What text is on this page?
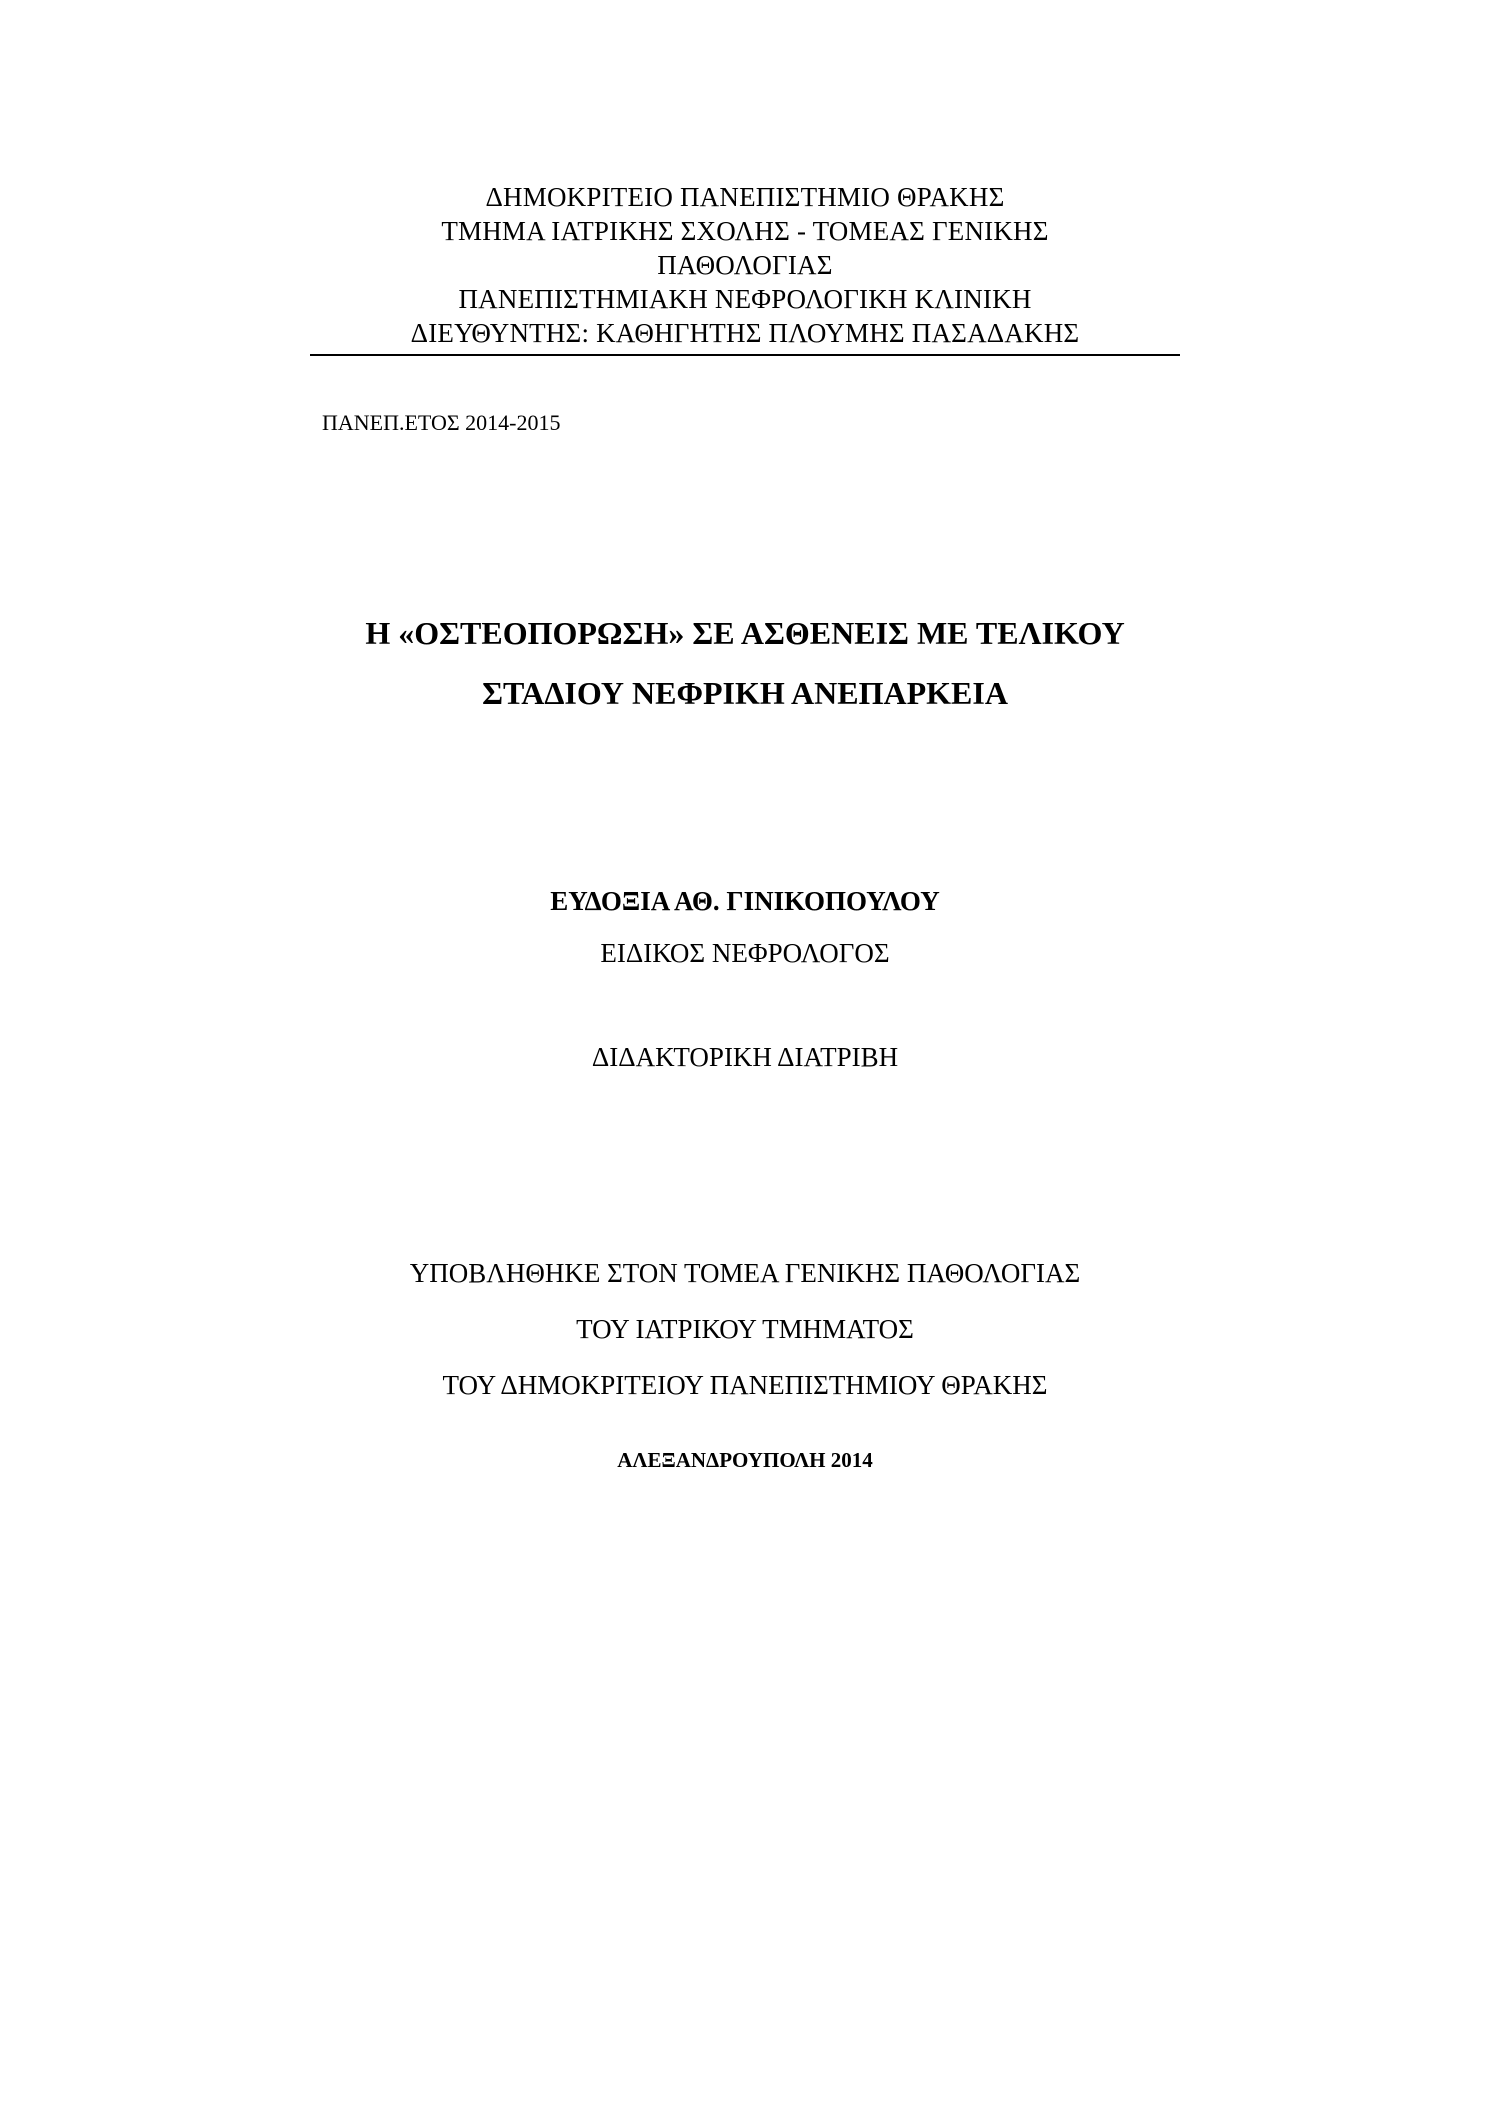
ΔΗΜΟΚΡΙΤΕΙΟ ΠΑΝΕΠΙΣΤΗΜΙΟ ΘΡΑΚΗΣ
ΤΜΗΜΑ ΙΑΤΡΙΚΗΣ ΣΧΟΛΗΣ - ΤΟΜΕΑΣ ΓΕΝΙΚΗΣ
ΠΑΘΟΛΟΓΙΑΣ
ΠΑΝΕΠΙΣΤΗΜΙΑΚΗ ΝΕΦΡΟΛΟΓΙΚΗ ΚΛΙΝΙΚΗ
ΔΙΕΥΘΥΝΤΗΣ: ΚΑΘΗΓΗΤΗΣ ΠΛΟΥΜΗΣ ΠΑΣΑΔΑΚΗΣ
ΠΑΝΕΠ.ΕΤΟΣ 2014-2015
Η «ΟΣΤΕΟΠΟΡΩΣΗ» ΣΕ ΑΣΘΕΝΕΙΣ ΜΕ ΤΕΛΙΚΟΥ
ΣΤΑΔΙΟΥ ΝΕΦΡΙΚΗ ΑΝΕΠΑΡΚΕΙΑ
ΕΥΔΟΞΙΑ ΑΘ. ΓΙΝΙΚΟΠΟΥΛΟΥ
ΕΙΔΙΚΟΣ ΝΕΦΡΟΛΟΓΟΣ
ΔΙΔΑΚΤΟΡΙΚΗ ΔΙΑΤΡΙΒΗ
ΥΠΟΒΛΗΘΗΚΕ ΣΤΟΝ ΤΟΜΕΑ ΓΕΝΙΚΗΣ ΠΑΘΟΛΟΓΙΑΣ
ΤΟΥ ΙΑΤΡΙΚΟΥ ΤΜΗΜΑΤΟΣ
ΤΟΥ ΔΗΜΟΚΡΙΤΕΙΟΥ ΠΑΝΕΠΙΣΤΗΜΙΟΥ ΘΡΑΚΗΣ
ΑΛΕΞΑΝΔΡΟΥΠΟΛΗ 2014
